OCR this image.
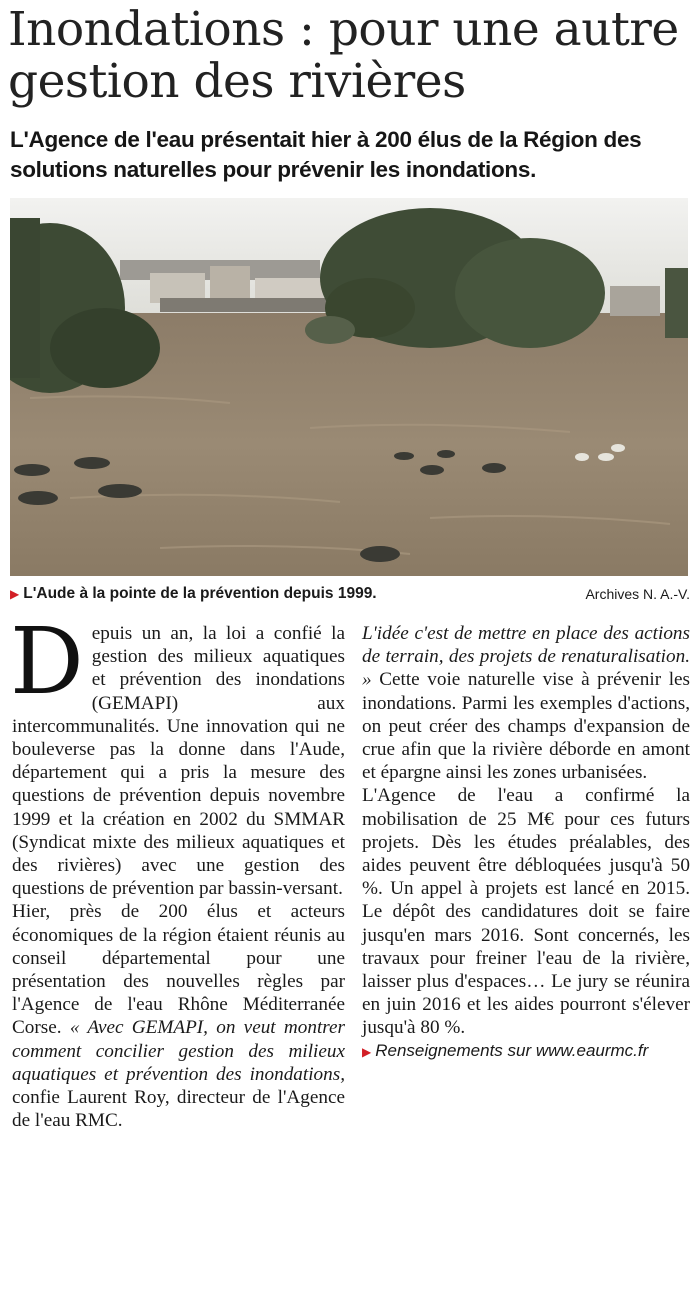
Inondations : pour une autre gestion des rivières

L'Agence de l'eau présentait hier à 200 élus de la Région des solutions naturelles pour prévenir les inondations.

▶ L'Aude à la pointe de la prévention depuis 1999.	Archives N. A.-V.

Depuis un an, la loi a confié la gestion des milieux aquatiques et prévention des inondations (GEMAPI) aux intercommunalités. Une innovation qui ne bouleverse pas la donne dans l'Aude, département qui a pris la mesure des questions de prévention depuis novembre 1999 et la création en 2002 du SMMAR (Syndicat mixte des milieux aquatiques et des rivières) avec une gestion des questions de prévention par bassin-versant.

Hier, près de 200 élus et acteurs économiques de la région étaient réunis au conseil départemental pour une présentation des nouvelles règles par l'Agence de l'eau Rhône Méditerranée Corse. « Avec GEMAPI, on veut montrer comment concilier gestion des milieux aquatiques et prévention des inondations, confie Laurent Roy, directeur de l'Agence de l'eau RMC.

L'idée c'est de mettre en place des actions de terrain, des projets de renaturalisation. » Cette voie naturelle vise à prévenir les inondations. Parmi les exemples d'actions, on peut créer des champs d'expansion de crue afin que la rivière déborde en amont et épargne ainsi les zones urbanisées.

L'Agence de l'eau a confirmé la mobilisation de 25 M€ pour ces futurs projets. Dès les études préalables, des aides peuvent être débloquées jusqu'à 50 %. Un appel à projets est lancé en 2015. Le dépôt des candidatures doit se faire jusqu'en mars 2016. Sont concernés, les travaux pour freiner l'eau de la rivière, laisser plus d'espaces… Le jury se réunira en juin 2016 et les aides pourront s'élever jusqu'à 80 %.

▶ Renseignements sur www.eaurmc.fr
